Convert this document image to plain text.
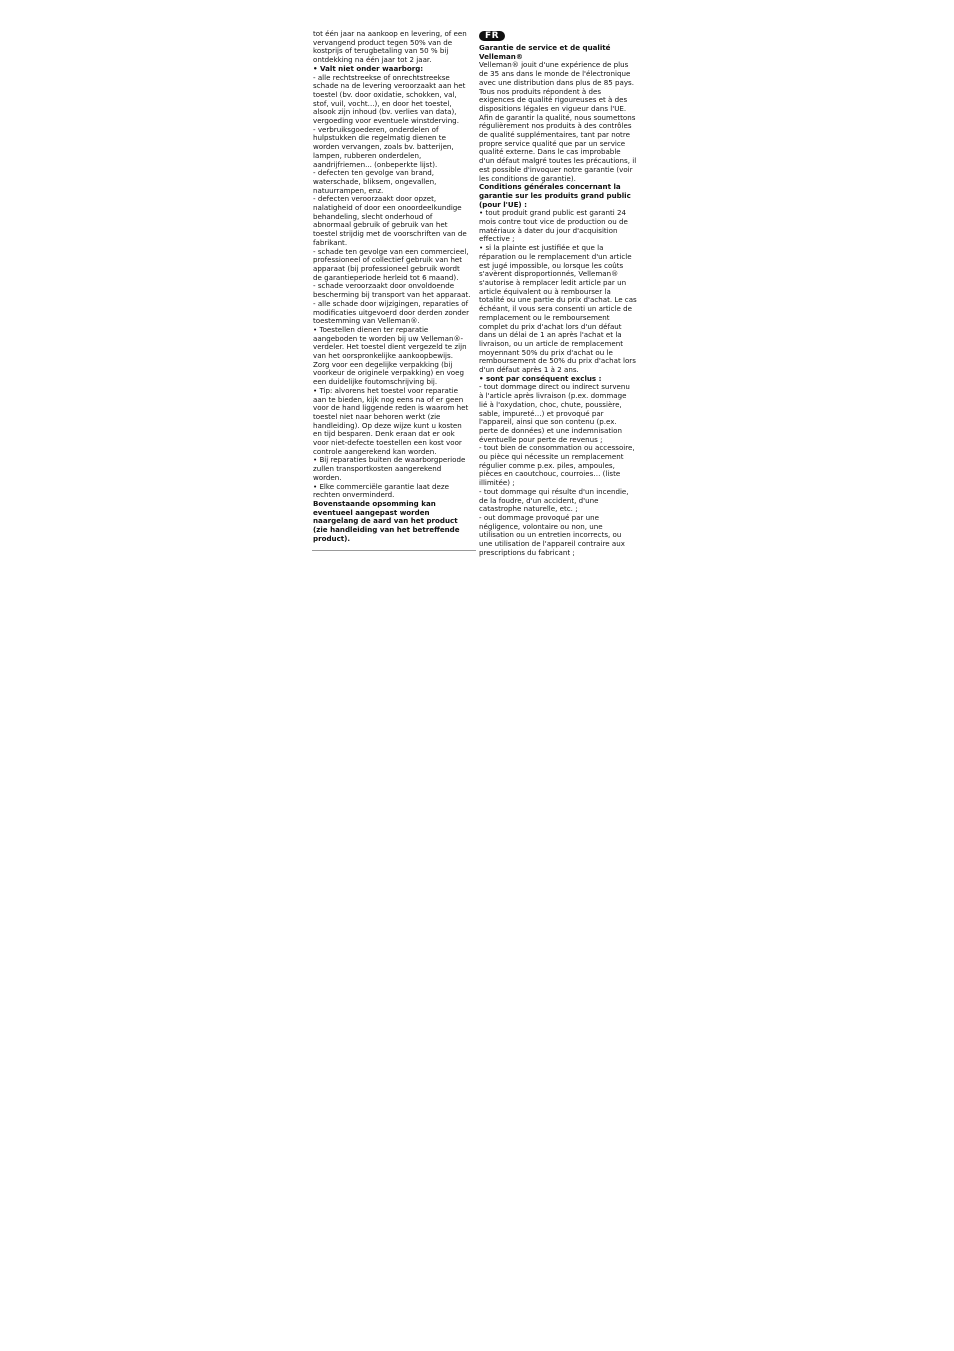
tot één jaar na aankoop en levering, of een
vervangend product tegen 50% van de
kostprijs of terugbetaling van 50 % bij
ontdekking na één jaar tot 2 jaar.
• Valt niet onder waarborg:
- alle rechtstreekse of onrechtstreekse
schade na de levering veroorzaakt aan het
toestel (bv. door oxidatie, schokken, val,
stof, vuil, vocht...), en door het toestel,
alsook zijn inhoud (bv. verlies van data),
vergoeding voor eventuele winstderving.
- verbruiksgoederen, onderdelen of
hulpstukken die regelmatig dienen te
worden vervangen, zoals bv. batterijen,
lampen, rubberen onderdelen,
aandrijfriemen... (onbeperkte lijst).
- defecten ten gevolge van brand,
waterschade, bliksem, ongevallen,
natuurrampen, enz.
- defecten veroorzaakt door opzet,
nalatigheid of door een onoordeelkundige
behandeling, slecht onderhoud of
abnormaal gebruik of gebruik van het
toestel strijdig met de voorschriften van de
fabrikant.
- schade ten gevolge van een commercieel,
professioneel of collectief gebruik van het
apparaat (bij professioneel gebruik wordt
de garantieperiode herleid tot 6 maand).
- schade veroorzaakt door onvoldoende
bescherming bij transport van het apparaat.
- alle schade door wijzigingen, reparaties of
modificaties uitgevoerd door derden zonder
toestemming van Velleman®.
• Toestellen dienen ter reparatie
aangeboden te worden bij uw Velleman®-
verdeler. Het toestel dient vergezeld te zijn
van het oorspronkelijke aankoopbewijs.
Zorg voor een degelijke verpakking (bij
voorkeur de originele verpakking) en voeg
een duidelijke foutomschrijving bij.
• Tip: alvorens het toestel voor reparatie
aan te bieden, kijk nog eens na of er geen
voor de hand liggende reden is waarom het
toestel niet naar behoren werkt (zie
handleiding). Op deze wijze kunt u kosten
en tijd besparen. Denk eraan dat er ook
voor niet-defecte toestellen een kost voor
controle aangerekend kan worden.
• Bij reparaties buiten de waarborgperiode
zullen transportkosten aangerekend
worden.
• Elke commerciële garantie laat deze
rechten onverminderd.
Bovenstaande opsomming kan
eventueel aangepast worden
naargelang de aard van het product
(zie handleiding van het betreffende
product).
FR
Garantie de service et de qualité
Velleman®
Velleman® jouit d'une expérience de plus
de 35 ans dans le monde de l'électronique
avec une distribution dans plus de 85 pays.
Tous nos produits répondent à des
exigences de qualité rigoureuses et à des
dispositions légales en vigueur dans l'UE.
Afin de garantir la qualité, nous soumettons
régulièrement nos produits à des contrôles
de qualité supplémentaires, tant par notre
propre service qualité que par un service
qualité externe. Dans le cas improbable
d'un défaut malgré toutes les précautions, il
est possible d'invoquer notre garantie (voir
les conditions de garantie).
Conditions générales concernant la
garantie sur les produits grand public
(pour l'UE) :
• tout produit grand public est garanti 24
mois contre tout vice de production ou de
matériaux à dater du jour d'acquisition
effective ;
• si la plainte est justifiée et que la
réparation ou le remplacement d'un article
est jugé impossible, ou lorsque les coûts
s'avèrent disproportionnés, Velleman®
s'autorise à remplacer ledit article par un
article équivalent ou à rembourser la
totalité ou une partie du prix d'achat. Le cas
échéant, il vous sera consenti un article de
remplacement ou le remboursement
complet du prix d'achat lors d'un défaut
dans un délai de 1 an après l'achat et la
livraison, ou un article de remplacement
moyennant 50% du prix d'achat ou le
remboursement de 50% du prix d'achat lors
d'un défaut après 1 à 2 ans.
• sont par conséquent exclus :
- tout dommage direct ou indirect survenu
à l'article après livraison (p.ex. dommage
lié à l'oxydation, choc, chute, poussière,
sable, impureté…) et provoqué par
l'appareil, ainsi que son contenu (p.ex.
perte de données) et une indemnisation
éventuelle pour perte de revenus ;
- tout bien de consommation ou accessoire,
ou pièce qui nécessite un remplacement
régulier comme p.ex. piles, ampoules,
pièces en caoutchouc, courroies… (liste
illimitée) ;
- tout dommage qui résulte d'un incendie,
de la foudre, d'un accident, d'une
catastrophe naturelle, etc. ;
- out dommage provoqué par une
négligence, volontaire ou non, une
utilisation ou un entretien incorrects, ou
une utilisation de l'appareil contraire aux
prescriptions du fabricant ;
